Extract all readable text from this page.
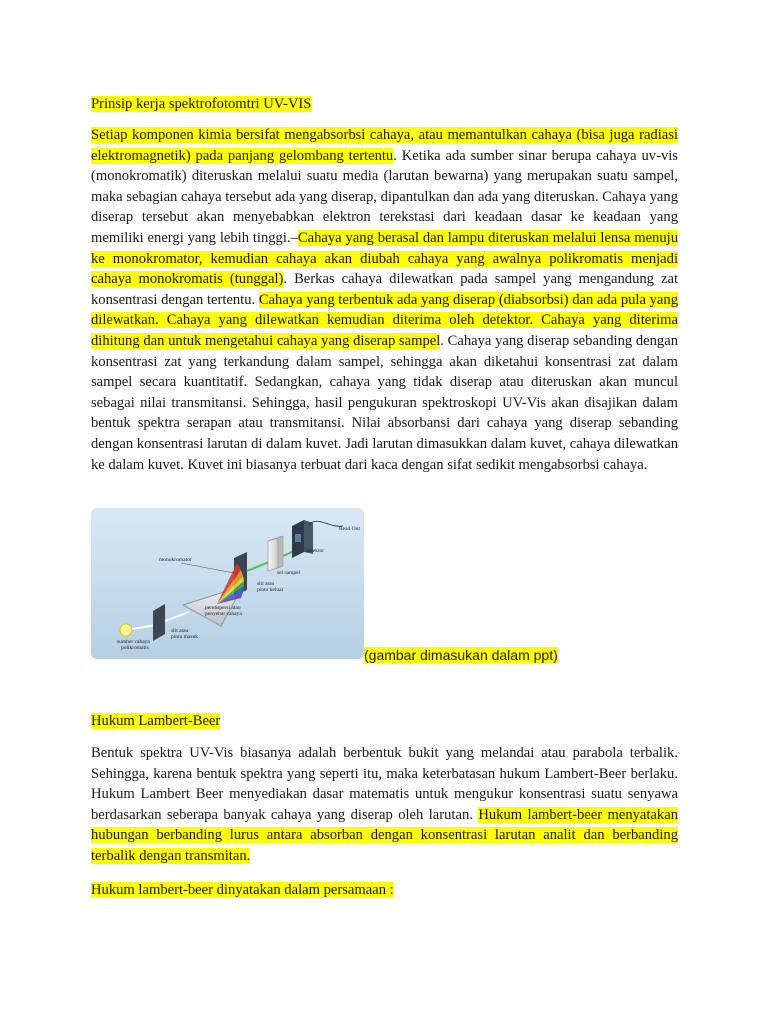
Prinsip kerja spektrofotomtri UV-VIS
Setiap komponen kimia bersifat mengabsorbsi cahaya, atau memantulkan cahaya (bisa juga radiasi elektromagnetik) pada panjang gelombang tertentu. Ketika ada sumber sinar berupa cahaya uv-vis (monokromatik) diteruskan melalui suatu media (larutan bewarna) yang merupakan suatu sampel, maka sebagian cahaya tersebut ada yang diserap, dipantulkan dan ada yang diteruskan. Cahaya yang diserap tersebut akan menyebabkan elektron terekstasi dari keadaan dasar ke keadaan yang memiliki energi yang lebih tinggi.–Cahaya yang berasal dan lampu diteruskan melalui lensa menuju ke monokromator, kemudian cahaya akan diubah cahaya yang awalnya polikromatis menjadi cahaya monokromatis (tunggal). Berkas cahaya dilewatkan pada sampel yang mengandung zat konsentrasi dengan tertentu. Cahaya yang terbentuk ada yang diserap (diabsorbsi) dan ada pula yang dilewatkan. Cahaya yang dilewatkan kemudian diterima oleh detektor. Cahaya yang diterima dihitung dan untuk mengetahui cahaya yang diserap sampel. Cahaya yang diserap sebanding dengan konsentrasi zat yang terkandung dalam sampel, sehingga akan diketahui konsentrasi zat dalam sampel secara kuantitatif. Sedangkan, cahaya yang tidak diserap atau diteruskan akan muncul sebagai nilai transmitansi. Sehingga, hasil pengukuran spektroskopi UV-Vis akan disajikan dalam bentuk spektra serapan atau transmitansi. Nilai absorbansi dari cahaya yang diserap sebanding dengan konsentrasi larutan di dalam kuvet. Jadi larutan dimasukkan dalam kuvet, cahaya dilewatkan ke dalam kuvet. Kuvet ini biasanya terbuat dari kaca dengan sifat sedikit mengabsorbsi cahaya.
Read Out
detektor
sel sampel
monokromator
slit atau
pintu keluar
pendispersi atau
penyebar cahaya
slit atau
pintu masuk
sumber cahaya
polikromatis	(gambar dimasukan dalam ppt)
Hukum Lambert-Beer
Bentuk spektra UV-Vis biasanya adalah berbentuk bukit yang melandai atau parabola terbalik. Sehingga, karena bentuk spektra yang seperti itu, maka keterbatasan hukum Lambert-Beer berlaku. Hukum Lambert Beer menyediakan dasar matematis untuk mengukur konsentrasi suatu senyawa berdasarkan seberapa banyak cahaya yang diserap oleh larutan. Hukum lambert-beer menyatakan hubungan berbanding lurus antara absorban dengan konsentrasi larutan analit dan berbanding terbalik dengan transmitan.
Hukum lambert-beer dinyatakan dalam persamaan :
